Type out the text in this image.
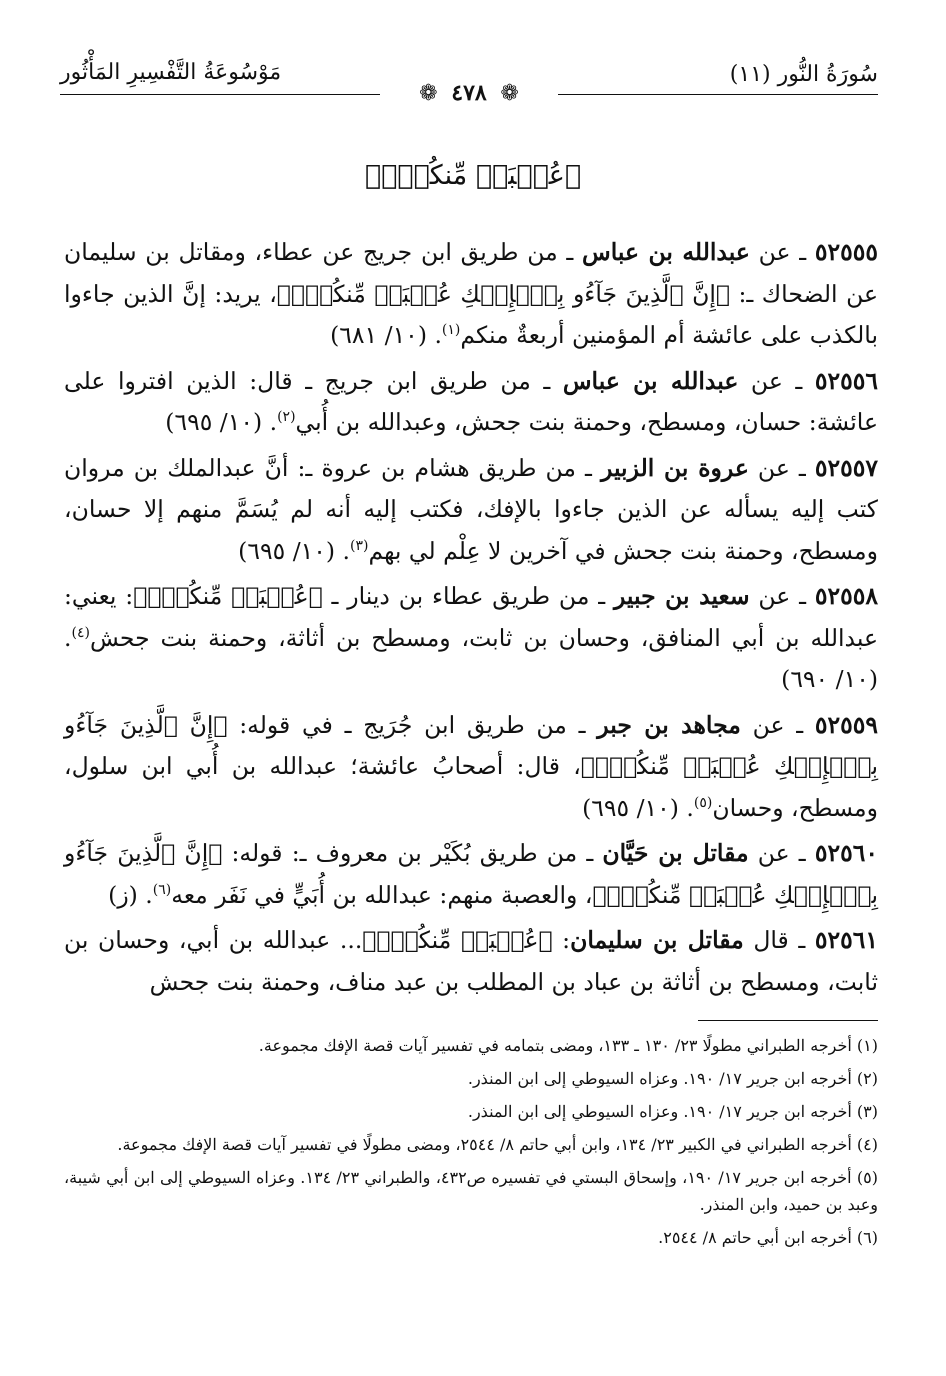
سُورَةُ النُّور (١١)
مَوْسُوعَةُ التَّفْسِيرِ المَأْثُور
❁ ٤٧٨ ❁
﴿عُصۡبَةٞ مِّنكُمۡۚ﴾

٥٢٥٥٥ ـ عن عبدالله بن عباس ـ من طريق ابن جريج عن عطاء، ومقاتل بن سليمان عن الضحاك ـ: ﴿إِنَّ ٱلَّذِينَ جَآءُو بِٱلۡإِفۡكِ عُصۡبَةٞ مِّنكُمۡۚ﴾، يريد: إنَّ الذين جاءوا بالكذب على عائشة أم المؤمنين أربعةٌ منكم$^{(١)}$. (١٠/ ٦٨١)

٥٢٥٥٦ ـ عن عبدالله بن عباس ـ من طريق ابن جريج ـ قال: الذين افتروا على عائشة: حسان، ومسطح، وحمنة بنت جحش، وعبدالله بن أُبي$^{(٢)}$. (١٠/ ٦٩٥)

٥٢٥٥٧ ـ عن عروة بن الزبير ـ من طريق هشام بن عروة ـ: أنَّ عبدالملك بن مروان كتب إليه يسأله عن الذين جاءوا بالإفك، فكتب إليه أنه لم يُسَمَّ منهم إلا حسان، ومسطح، وحمنة بنت جحش في آخرين لا عِلْم لي بهم$^{(٣)}$. (١٠/ ٦٩٥)

٥٢٥٥٨ ـ عن سعيد بن جبير ـ من طريق عطاء بن دينار ـ ﴿عُصۡبَةٞ مِّنكُمۡۚ﴾: يعني: عبدالله بن أبي المنافق، وحسان بن ثابت، ومسطح بن أثاثة، وحمنة بنت جحش$^{(٤)}$. (١٠/ ٦٩٠)

٥٢٥٥٩ ـ عن مجاهد بن جبر ـ من طريق ابن جُرَيج ـ في قوله: ﴿إِنَّ ٱلَّذِينَ جَآءُو بِٱلۡإِفۡكِ عُصۡبَةٞ مِّنكُمۡۚ﴾، قال: أصحابُ عائشة؛ عبدالله بن أُبي ابن سلول، ومسطح، وحسان$^{(٥)}$. (١٠/ ٦٩٥)

٥٢٥٦٠ ـ عن مقاتل بن حَيَّان ـ من طريق بُكَيْر بن معروف ـ: قوله: ﴿إِنَّ ٱلَّذِينَ جَآءُو بِٱلۡإِفۡكِ عُصۡبَةٞ مِّنكُمۡۚ﴾، والعصبة منهم: عبدالله بن أُبَيٍّ في نَفَر معه$^{(٦)}$. (ز)

٥٢٥٦١ ـ قال مقاتل بن سليمان: ﴿عُصۡبَةٞ مِّنكُمۡۚ﴾... عبدالله بن أبي، وحسان بن ثابت، ومسطح بن أثاثة بن عباد بن المطلب بن عبد مناف، وحمنة بنت جحش

(١) أخرجه الطبراني مطولًا ٢٣/ ١٣٠ ـ ١٣٣، ومضى بتمامه في تفسير آيات قصة الإفك مجموعة.
(٢) أخرجه ابن جرير ١٧/ ١٩٠. وعزاه السيوطي إلى ابن المنذر.
(٣) أخرجه ابن جرير ١٧/ ١٩٠. وعزاه السيوطي إلى ابن المنذر.
(٤) أخرجه الطبراني في الكبير ٢٣/ ١٣٤، وابن أبي حاتم ٨/ ٢٥٤٤، ومضى مطولًا في تفسير آيات قصة الإفك مجموعة.
(٥) أخرجه ابن جرير ١٧/ ١٩٠، وإسحاق البستي في تفسيره ص٤٣٢، والطبراني ٢٣/ ١٣٤. وعزاه السيوطي إلى ابن أبي شيبة، وعبد بن حميد، وابن المنذر.
(٦) أخرجه ابن أبي حاتم ٨/ ٢٥٤٤.
